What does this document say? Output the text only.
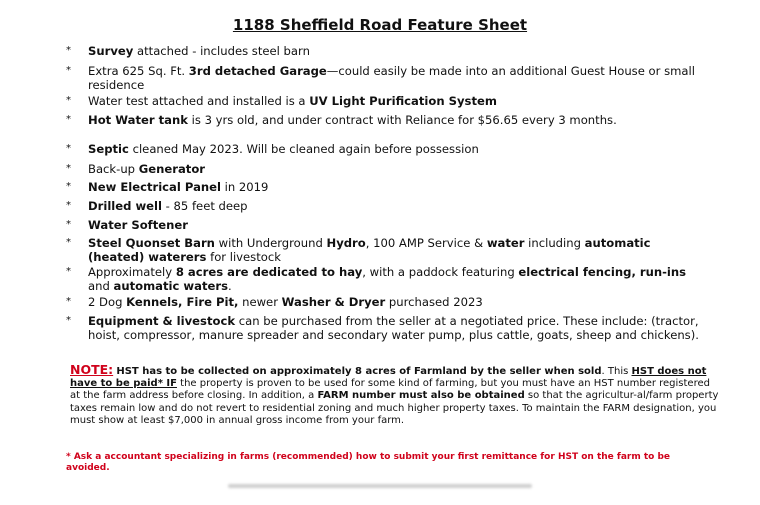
1188 Sheffield Road Feature Sheet
* Survey attached - includes steel barn
* Extra 625 Sq. Ft. 3rd detached Garage—could easily be made into an additional Guest House or small residence
* Water test attached and installed is a UV Light Purification System
* Hot Water tank is 3 yrs old, and under contract with Reliance for $56.65 every 3 months.
* Septic cleaned May 2023. Will be cleaned again before possession
* Back-up Generator
* New Electrical Panel in 2019
* Drilled well - 85 feet deep
* Water Softener
* Steel Quonset Barn with Underground Hydro, 100 AMP Service & water including automatic (heated) waterers for livestock
* Approximately 8 acres are dedicated to hay, with a paddock featuring electrical fencing, run-ins and automatic waters.
* 2 Dog Kennels, Fire Pit, newer Washer & Dryer purchased 2023
* Equipment & livestock can be purchased from the seller at a negotiated price. These include: (tractor, hoist, compressor, manure spreader and secondary water pump, plus cattle, goats, sheep and chickens).
NOTE: HST has to be collected on approximately 8 acres of Farmland by the seller when sold. This HST does not have to be paid* IF the property is proven to be used for some kind of farming, but you must have an HST number registered at the farm address before closing. In addition, a FARM number must also be obtained so that the agricultur-al/farm property taxes remain low and do not revert to residential zoning and much higher property taxes. To maintain the FARM designation, you must show at least $7,000 in annual gross income from your farm.
* Ask a accountant specializing in farms (recommended) how to submit your first remittance for HST on the farm to be avoided.
